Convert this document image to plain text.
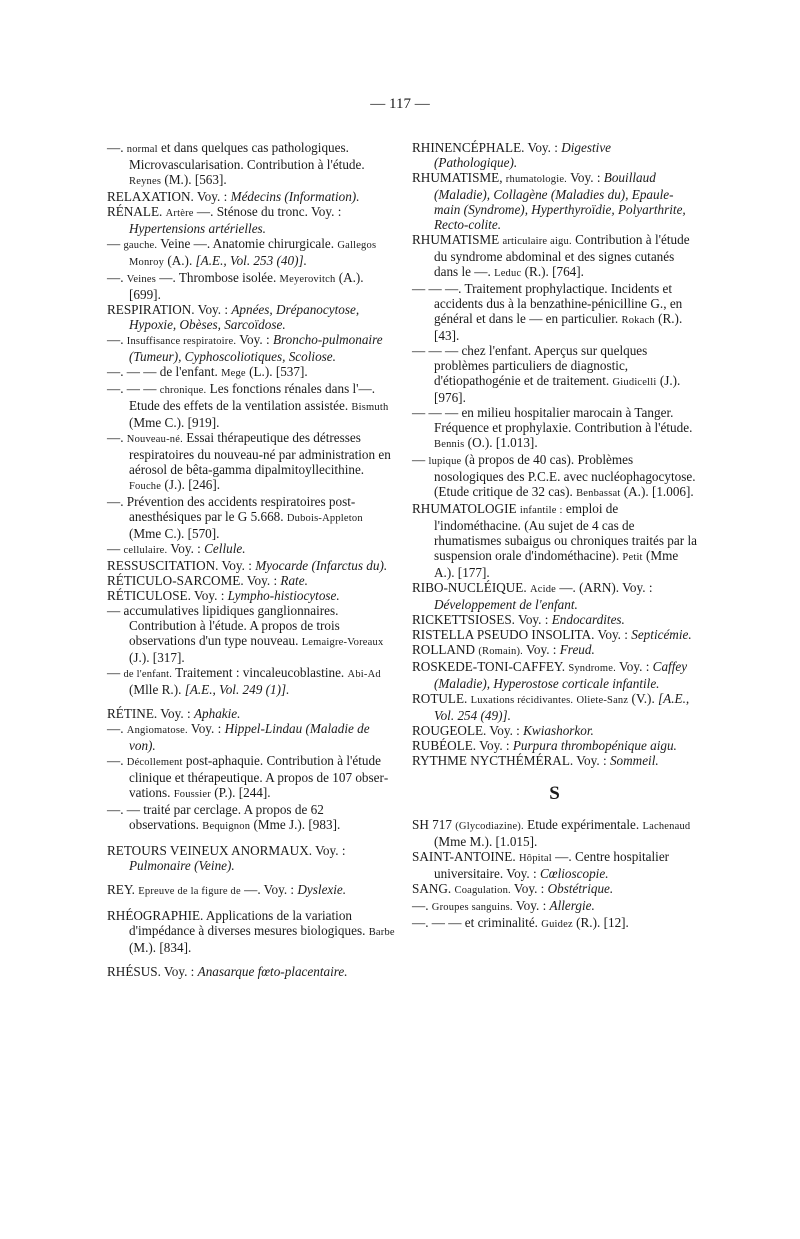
— 117 —

—. normal et dans quelques cas pathologiques. Microvascularisation. Contribution à l'étude. Reynes (M.). [563].

RELAXATION. Voy. : Médecins (Information).

RÉNALE. Artère —. Sténose du tronc. Voy. : Hypertensions artérielles.

— gauche. Veine —. Anatomie chirurgicale. Gallegos Monroy (A.). [A.E., Vol. 253 (40)].

—. Veines —. Thrombose isolée. Meyerovitch (A.). [699].

RESPIRATION. Voy. : Apnées, Drépanocytose, Hypoxie, Obèses, Sarcoïdose.

—. Insuffisance respiratoire. Voy. : Broncho-pulmonaire (Tumeur), Cyphoscoliotiques, Scoliose.

—. — — de l'enfant. Mege (L.). [537].

—. — — chronique. Les fonctions rénales dans l'—. Etude des effets de la ventilation assistée. Bismuth (Mme C.). [919].

—. Nouveau-né. Essai thérapeutique des détresses respiratoires du nouveau-né par administration en aérosol de bêta-gamma dipalmitoyllecithine. Fouche (J.). [246].

—. Prévention des accidents respiratoires post-anesthésiques par le G 5.668. Dubois-Appleton (Mme C.). [570].

— cellulaire. Voy. : Cellule.

RESSUSCITATION. Voy. : Myocarde (Infarctus du).

RÉTICULO-SARCOME. Voy. : Rate.

RÉTICULOSE. Voy. : Lympho-histiocytose.

— accumulatives lipidiques ganglionnaires. Contribution à l'étude. A propos de trois observations d'un type nouveau. Lemaigre-Voreaux (J.). [317].

— de l'enfant. Traitement : vincaleucoblastine. Abi-Ad (Mlle R.). [A.E., Vol. 249 (1)].

RÉTINE. Voy. : Aphakie.

—. Angiomatose. Voy. : Hippel-Lindau (Maladie de von).

—. Décollement post-aphaquie. Contribution à l'étude clinique et thérapeutique. A propos de 107 observations. Foussier (P.). [244].

—. — traité par cerclage. A propos de 62 observations. Bequignon (Mme J.). [983].

RETOURS VEINEUX ANORMAUX. Voy. : Pulmonaire (Veine).

REY. Epreuve de la figure de —. Voy. : Dyslexie.

RHÉOGRAPHIE. Applications de la variation d'impédance à diverses mesures biologiques. Barbe (M.). [834].

RHÉSUS. Voy. : Anasarque fœto-placentaire.

RHINENCÉPHALE. Voy. : Digestive (Pathologique).

RHUMATISME, rhumatologie. Voy. : Bouillaud (Maladie), Collagène (Maladies du), Epaule-main (Syndrome), Hyperthyroïdie, Polyarthrite, Recto-colite.

RHUMATISME articulaire aigu. Contribution à l'étude du syndrome abdominal et des signes cutanés dans le —. Leduc (R.). [764].

— — —. Traitement prophylactique. Incidents et accidents dus à la benzathine-pénicilline G., en général et dans le — en particulier. Rokach (R.). [43].

— — — chez l'enfant. Aperçus sur quelques problèmes particuliers de diagnostic, d'étiopathogénie et de traitement. Giudicelli (J.). [976].

— — — en milieu hospitalier marocain à Tanger. Fréquence et prophylaxie. Contribution à l'étude. Bennis (O.). [1.013].

— lupique (à propos de 40 cas). Problèmes nosologiques des P.C.E. avec nucléophagocytose. (Etude critique de 32 cas). Benbassat (A.). [1.006].

RHUMATOLOGIE infantile : emploi de l'indométhacine. (Au sujet de 4 cas de rhumatismes subaigus ou chroniques traités par la suspension orale d'indométhacine). Petit (Mme A.). [177].

RIBO-NUCLÉIQUE. Acide —. (ARN). Voy. : Développement de l'enfant.

RICKETTSIOSES. Voy. : Endocardites.

RISTELLA PSEUDO INSOLITA. Voy. : Septicémie.

ROLLAND (Romain). Voy. : Freud.

ROSKEDE-TONI-CAFFEY. Syndrome. Voy. : Caffey (Maladie), Hyperostose corticale infantile.

ROTULE. Luxations récidivantes. Oliete-Sanz (V.). [A.E., Vol. 254 (49)].

ROUGEOLE. Voy. : Kwiashorkor.

RUBÉOLE. Voy. : Purpura thrombopénique aigu.

RYTHME NYCTHÉMÉRAL. Voy. : Sommeil.

S

SH 717 (Glycodiazine). Etude expérimentale. Lachenaud (Mme M.). [1.015].

SAINT-ANTOINE. Hôpital —. Centre hospitalier universitaire. Voy. : Cœlioscopie.

SANG. Coagulation. Voy. : Obstétrique.

—. Groupes sanguins. Voy. : Allergie.

—. — — et criminalité. Guidez (R.). [12].
